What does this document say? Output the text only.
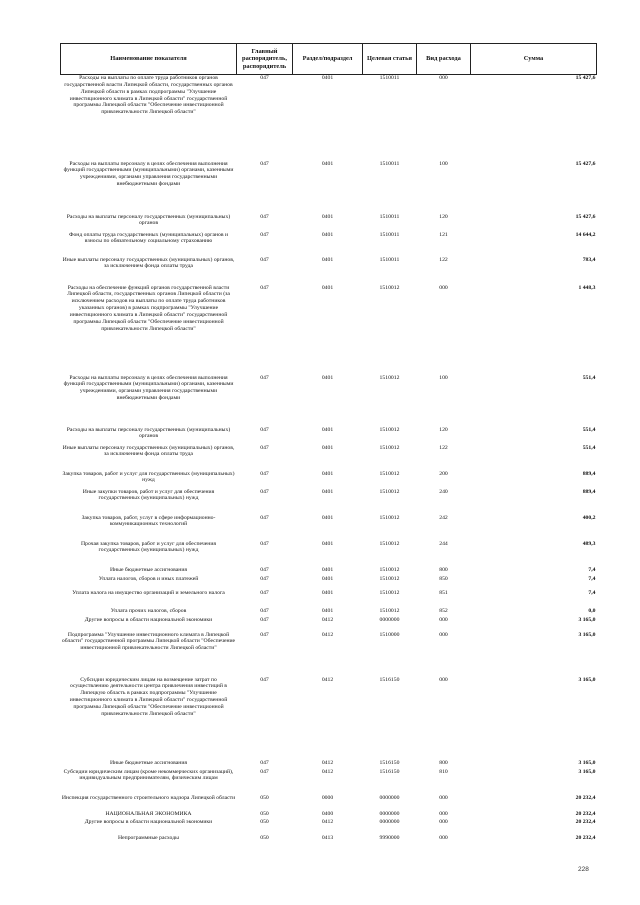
Наименование показателя	Главный распорядитель, распорядитель	Раздел/подраздел	Целевая статья	Вид расхода	Сумма
Расходы на выплаты по оплате труда работников органов государственной власти Липецкой области, государственных органов Липецкой области в рамках подпрограммы "Улучшение инвестиционного климата в Липецкой области" государственной программы Липецкой области "Обеспечение инвестиционной привлекательности Липецкой области"	047	0401	1510011	000	15 427,6
Расходы на выплаты персоналу в целях обеспечения выполнения функций государственными (муниципальными) органами, казенными учреждениями, органами управления государственными внебюджетными фондами	047	0401	1510011	100	15 427,6
Расходы на выплаты персоналу государственных (муниципальных) органов	047	0401	1510011	120	15 427,6
Фонд оплаты труда государственных (муниципальных) органов и взносы по обязательному социальному страхованию	047	0401	1510011	121	14 644,2
Иные выплаты персоналу государственных (муниципальных) органов, за исключением фонда оплаты труда	047	0401	1510011	122	783,4
Расходы на обеспечение функций органов государственной власти Липецкой области, государственных органов Липецкой области (за исключением расходов на выплаты по оплате труда работников указанных органов) в рамках подпрограммы "Улучшение инвестиционного климата в Липецкой области" государственной программы Липецкой области "Обеспечение инвестиционной привлекательности Липецкой области"	047	0401	1510012	000	1 448,3
Расходы на выплаты персоналу в целях обеспечения выполнения функций государственными (муниципальными) органами, казенными учреждениями, органами управления государственными внебюджетными фондами	047	0401	1510012	100	551,4
Расходы на выплаты персоналу государственных (муниципальных) органов	047	0401	1510012	120	551,4
Иные выплаты персоналу государственных (муниципальных) органов, за исключением фонда оплаты труда	047	0401	1510012	122	551,4
Закупка товаров, работ и услуг для государственных (муниципальных) нужд	047	0401	1510012	200	889,4
Иные закупки товаров, работ и услуг для обеспечения государственных (муниципальных) нужд	047	0401	1510012	240	889,4
Закупка товаров, работ, услуг в сфере информационно-коммуникационных технологий	047	0401	1510012	242	400,2
Прочая закупка товаров, работ и услуг для обеспечения государственных (муниципальных) нужд	047	0401	1510012	244	489,3
Иные бюджетные ассигнования	047	0401	1510012	800	7,4
Уплата налогов, сборов и иных платежей	047	0401	1510012	850	7,4
Уплата налога на имущество организаций и земельного налога	047	0401	1510012	851	7,4
Уплата прочих налогов, сборов	047	0401	1510012	852	0,0
Другие вопросы в области национальной экономики	047	0412	0000000	000	3 165,0
Подпрограмма "Улучшение инвестиционного климата в Липецкой области" государственной программы Липецкой области "Обеспечение инвестиционной привлекательности Липецкой области"	047	0412	1510000	000	3 165,0
Субсидии юридическим лицам на возмещение затрат по осуществлению деятельности центра привлечения инвестиций в Липецкую область в рамках подпрограммы "Улучшение инвестиционного климата в Липецкой области" государственной программы Липецкой области "Обеспечение инвестиционной привлекательности Липецкой области"	047	0412	1516150	000	3 165,0
Иные бюджетные ассигнования	047	0412	1516150	800	3 165,0
Субсидии юридическим лицам (кроме некоммерческих организаций), индивидуальным предпринимателям, физическим лицам	047	0412	1516150	810	3 165,0
Инспекция государственного строительного надзора Липецкой области	050	0000	0000000	000	20 232,4
НАЦИОНАЛЬНАЯ ЭКОНОМИКА	050	0400	0000000	000	20 232,4
Другие вопросы в области национальной экономики	050	0412	0000000	000	20 232,4
Непрограммные расходы	050	0413	9990000	000	20 232,4
228
